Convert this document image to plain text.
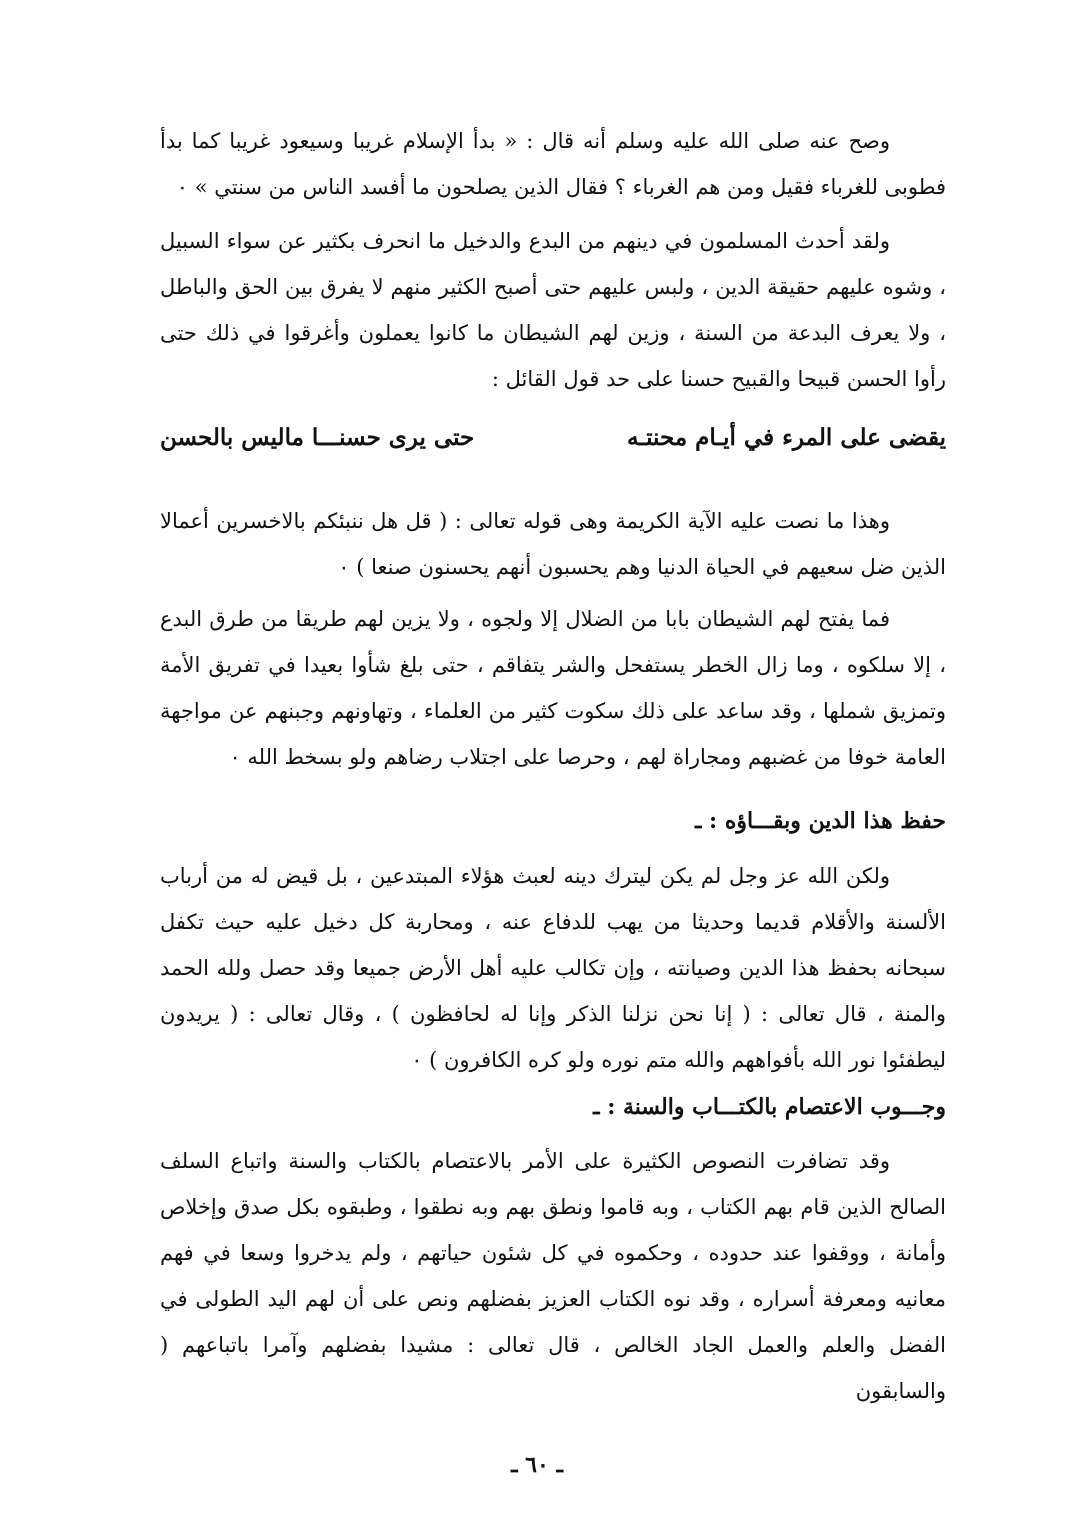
وصح عنه صلى الله عليه وسلم أنه قال : « بدأ الإسلام غريبا وسيعود غريبا كما بدأ فطوبى للغرباء فقيل ومن هم الغرباء ؟ فقال الذين يصلحون ما أفسد الناس من سنتي » ٠

ولقد أحدث المسلمون في دينهم من البدع والدخيل ما انحرف بكثير عن سواء السبيل ، وشوه عليهم حقيقة الدين ، ولبس عليهم حتى أصبح الكثير منهم لا يفرق بين الحق والباطل ، ولا يعرف البدعة من السنة ، وزين لهم الشيطان ما كانوا يعملون وأغرقوا في ذلك حتى رأوا الحسن قبيحا والقبيح حسنا على حد قول القائل :

يقضى على المرء في أيـام محنتـه
حتى يرى حسنـــا ماليس بالحسن

وهذا ما نصت عليه الآية الكريمة وهى قوله تعالى : ( قل هل ننبئكم بالاخسرين أعمالا الذين ضل سعيهم في الحياة الدنيا وهم يحسبون أنهم يحسنون صنعا ) ٠

فما يفتح لهم الشيطان بابا من الضلال إلا ولجوه ، ولا يزين لهم طريقا من طرق البدع ، إلا سلكوه ، وما زال الخطر يستفحل والشر يتفاقم ، حتى بلغ شأوا بعيدا في تفريق الأمة وتمزيق شملها ، وقد ساعد على ذلك سكوت كثير من العلماء ، وتهاونهم وجبنهم عن مواجهة العامة خوفا من غضبهم ومجاراة لهم ، وحرصا على اجتلاب رضاهم ولو بسخط الله ٠

حفظ هذا الدين وبقـــاؤه : ـ

ولكن الله عز وجل لم يكن ليترك دينه لعبث هؤلاء المبتدعين ، بل قيض له من أرباب الألسنة والأقلام قديما وحديثا من يهب للدفاع عنه ، ومحاربة كل دخيل عليه حيث تكفل سبحانه بحفظ هذا الدين وصيانته ، وإن تكالب عليه أهل الأرض جميعا وقد حصل ولله الحمد والمنة ، قال تعالى : ( إنا نحن نزلنا الذكر وإنا له لحافظون ) ، وقال تعالى : ( يريدون ليطفئوا نور الله بأفواههم والله متم نوره ولو كره الكافرون ) ٠

وجـــوب الاعتصام بالكتـــاب والسنة : ـ

وقد تضافرت النصوص الكثيرة على الأمر بالاعتصام بالكتاب والسنة واتباع السلف الصالح الذين قام بهم الكتاب ، وبه قاموا ونطق بهم وبه نطقوا ، وطبقوه بكل صدق وإخلاص وأمانة ، ووقفوا عند حدوده ، وحكموه في كل شئون حياتهم ، ولم يدخروا وسعا في فهم معانيه ومعرفة أسراره ، وقد نوه الكتاب العزيز بفضلهم ونص على أن لهم اليد الطولى في الفضل والعلم والعمل الجاد الخالص ، قال تعالى : مشيدا بفضلهم وآمرا باتباعهم ( والسابقون

ـ ٦٠ ـ
